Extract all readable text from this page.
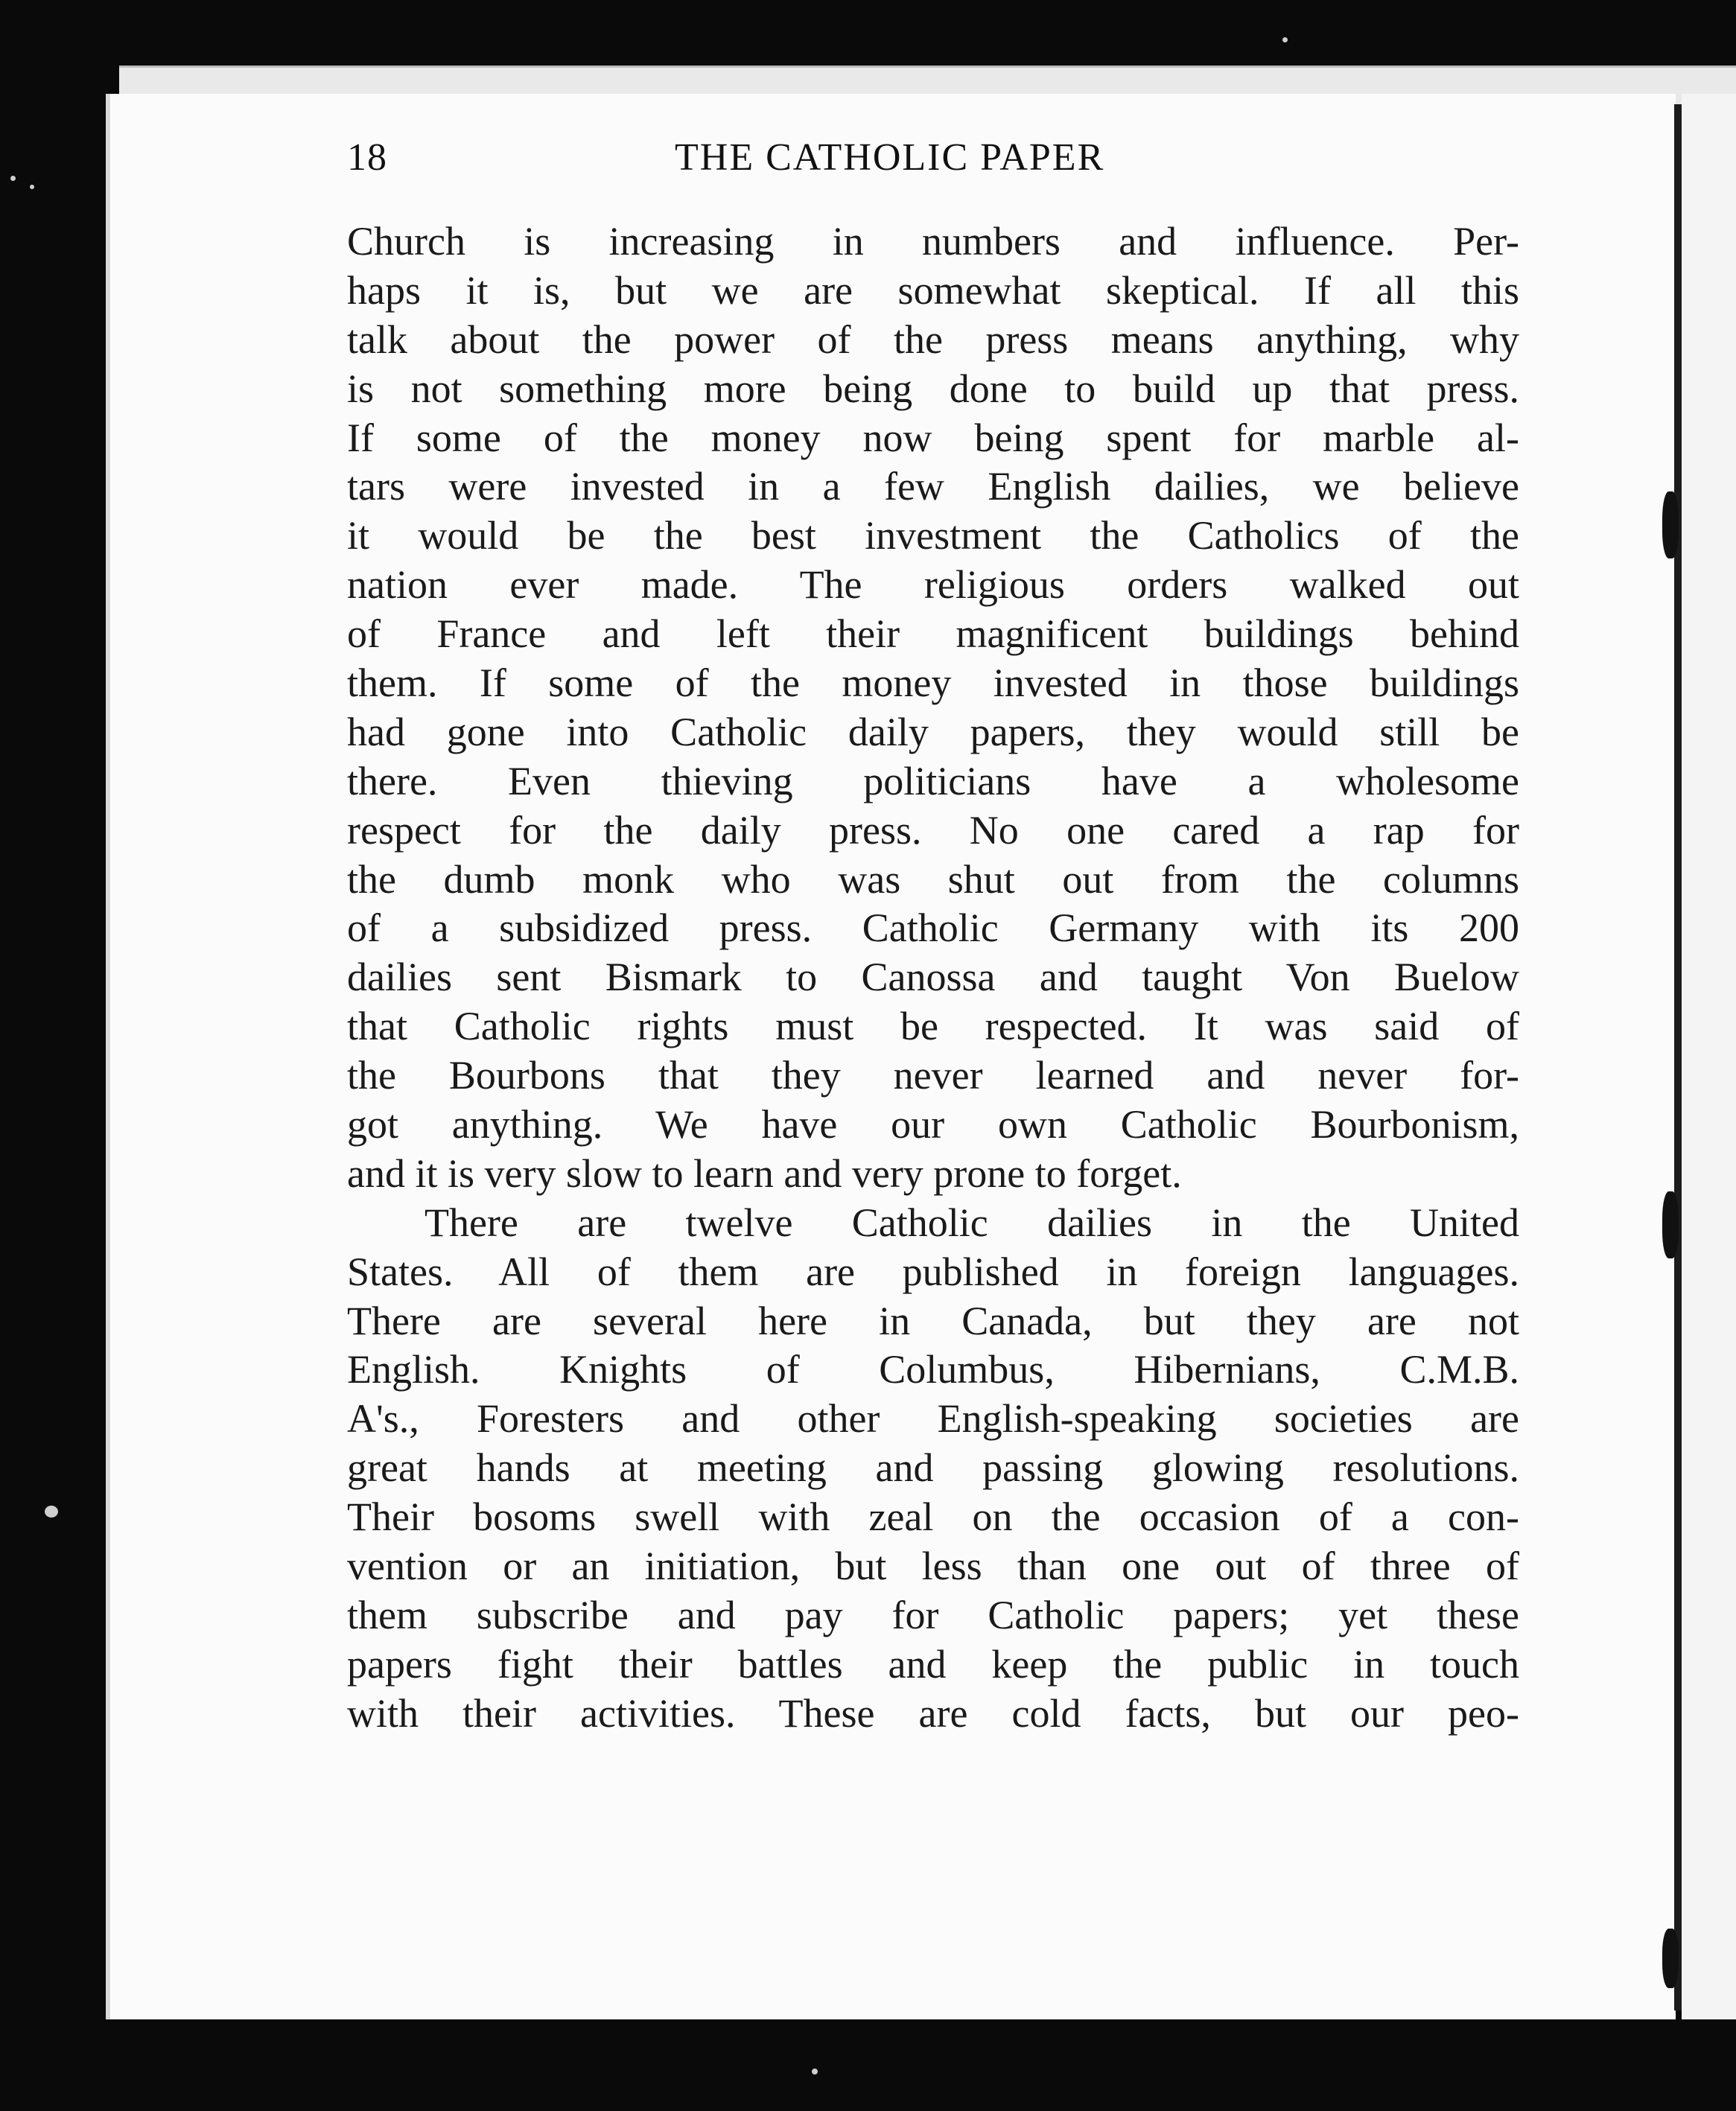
18	THE CATHOLIC PAPER
Church is increasing in numbers and influence. Per-
haps it is, but we are somewhat skeptical. If all this
talk about the power of the press means anything, why
is not something more being done to build up that press.
If some of the money now being spent for marble al-
tars were invested in a few English dailies, we believe
it would be the best investment the Catholics of the
nation ever made. The religious orders walked out
of France and left their magnificent buildings behind
them. If some of the money invested in those buildings
had gone into Catholic daily papers, they would still be
there. Even thieving politicians have a wholesome
respect for the daily press. No one cared a rap for
the dumb monk who was shut out from the columns
of a subsidized press. Catholic Germany with its 200
dailies sent Bismark to Canossa and taught Von Buelow
that Catholic rights must be respected. It was said of
the Bourbons that they never learned and never for-
got anything. We have our own Catholic Bourbonism,
and it is very slow to learn and very prone to forget.
There are twelve Catholic dailies in the United
States. All of them are published in foreign languages.
There are several here in Canada, but they are not
English. Knights of Columbus, Hibernians, C.M.B.
A's., Foresters and other English-speaking societies are
great hands at meeting and passing glowing resolutions.
Their bosoms swell with zeal on the occasion of a con-
vention or an initiation, but less than one out of three of
them subscribe and pay for Catholic papers; yet these
papers fight their battles and keep the public in touch
with their activities. These are cold facts, but our peo-
